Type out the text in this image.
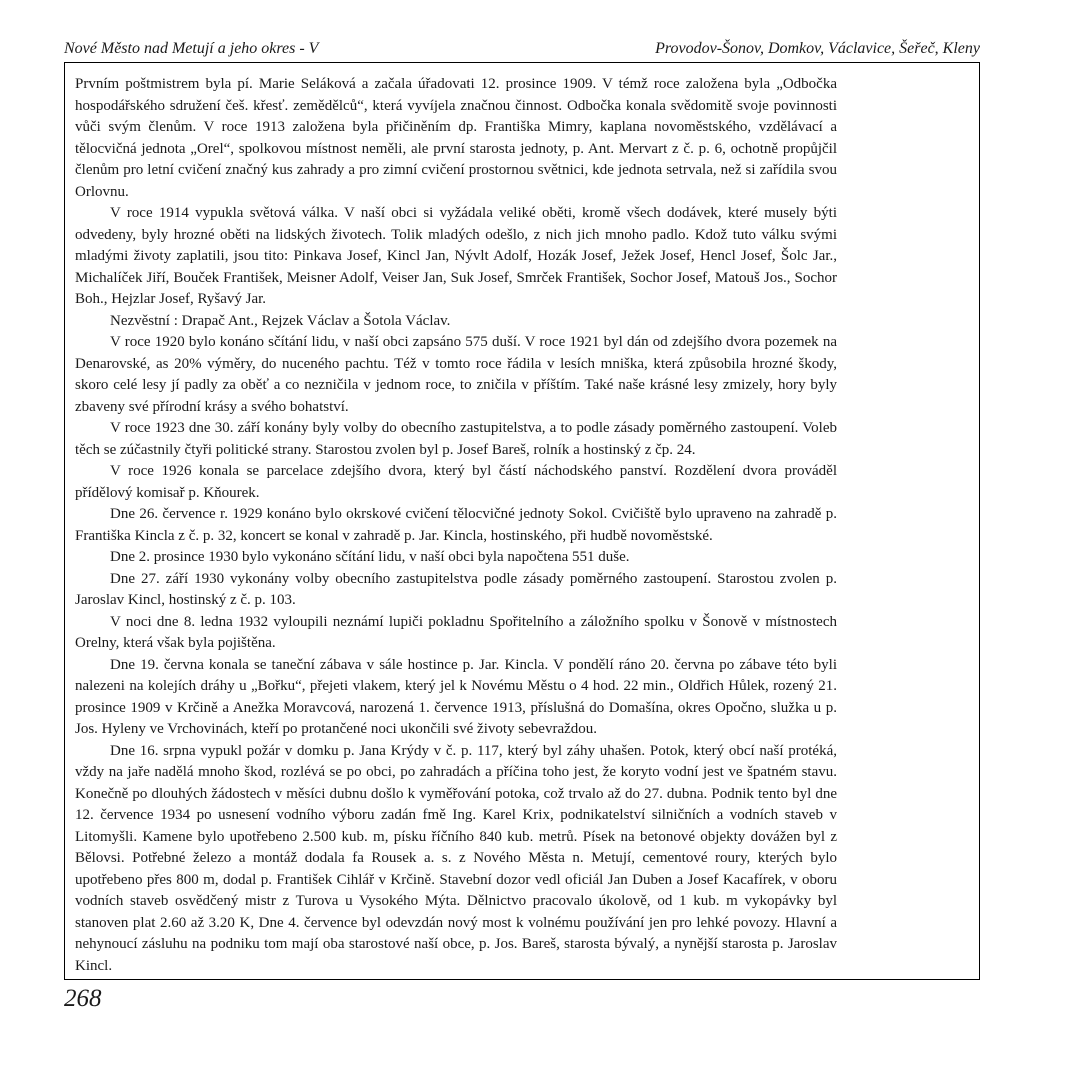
Nové Město nad Metují a jeho okres - V	Provodov-Šonov, Domkov, Václavice, Šeřeč, Kleny

Prvním poštmistrem byla pí. Marie Seláková a začala úřadovati 12. prosince 1909. V témž roce založena byla „Odbočka hospodářského sdružení češ. křesť. zemědělců“, která vyvíjela značnou činnost. Odbočka konala svědomitě svoje povinnosti vůči svým členům. V roce 1913 založena byla přičiněním dp. Františka Mimry, kaplana novoměstského, vzdělávací a tělocvičná jednota „Orel“, spolkovou místnost neměli, ale první starosta jednoty, p. Ant. Mervart z č. p. 6, ochotně propůjčil členům pro letní cvičení značný kus zahrady a pro zimní cvičení prostornou světnici, kde jednota setrvala, než si zařídila svou Orlovnu.

V roce 1914 vypukla světová válka. V naší obci si vyžádala veliké oběti, kromě všech dodávek, které musely býti odvedeny, byly hrozné oběti na lidských životech. Tolik mladých odešlo, z nich jich mnoho padlo. Kdož tuto válku svými mladými životy zaplatili, jsou tito: Pinkava Josef, Kincl Jan, Nývlt Adolf, Hozák Josef, Ježek Josef, Hencl Josef, Šolc Jar., Michalíček Jiří, Bouček František, Meisner Adolf, Veiser Jan, Suk Josef, Smrček František, Sochor Josef, Matouš Jos., Sochor Boh., Hejzlar Josef, Ryšavý Jar.

Nezvěstní : Drapač Ant., Rejzek Václav a Šotola Václav.

V roce 1920 bylo konáno sčítání lidu, v naší obci zapsáno 575 duší. V roce 1921 byl dán od zdejšího dvora pozemek na Denarovské, as 20% výměry, do nuceného pachtu. Též v tomto roce řádila v lesích mniška, která způsobila hrozné škody, skoro celé lesy jí padly za oběť a co nezničila v jednom roce, to zničila v příštím. Také naše krásné lesy zmizely, hory byly zbaveny své přírodní krásy a svého bohatství.

V roce 1923 dne 30. září konány byly volby do obecního zastupitelstva, a to podle zásady poměrného zastoupení. Voleb těch se zúčastnily čtyři politické strany. Starostou zvolen byl p. Josef Bareš, rolník a hostinský z čp. 24.

V roce 1926 konala se parcelace zdejšího dvora, který byl částí náchodského panství. Rozdělení dvora prováděl přídělový komisař p. Kňourek.

Dne 26. července r. 1929 konáno bylo okrskové cvičení tělocvičné jednoty Sokol. Cvičiště bylo upraveno na zahradě p. Františka Kincla z č. p. 32, koncert se konal v zahradě p. Jar. Kincla, hostinského, při hudbě novoměstské.

Dne 2. prosince 1930 bylo vykonáno sčítání lidu, v naší obci byla napočtena 551 duše.

Dne 27. září 1930 vykonány volby obecního zastupitelstva podle zásady poměrného zastoupení. Starostou zvolen p. Jaroslav Kincl, hostinský z č. p. 103.

V noci dne 8. ledna 1932 vyloupili neznámí lupiči pokladnu Spořitelního a záložního spolku v Šonově v místnostech Orelny, která však byla pojištěna.

Dne 19. června konala se taneční zábava v sále hostince p. Jar. Kincla. V pondělí ráno 20. června po zábave této byli nalezeni na kolejích dráhy u „Bořku“, přejeti vlakem, který jel k Novému Městu o 4 hod. 22 min., Oldřich Hůlek, rozený 21. prosince 1909 v Krčině a Anežka Moravcová, narozená 1. července 1913, příslušná do Domašína, okres Opočno, služka u p. Jos. Hyleny ve Vrchovinách, kteří po protančené noci ukončili své životy sebevraždou.

Dne 16. srpna vypukl požár v domku p. Jana Krýdy v č. p. 117, který byl záhy uhašen. Potok, který obcí naší protéká, vždy na jaře nadělá mnoho škod, rozlévá se po obci, po zahradách a příčina toho jest, že koryto vodní jest ve špatném stavu. Konečně po dlouhých žádostech v měsíci dubnu došlo k vyměřování potoka, což trvalo až do 27. dubna. Podnik tento byl dne 12. července 1934 po usnesení vodního výboru zadán fmě Ing. Karel Krix, podnikatelství silničních a vodních staveb v Litomyšli. Kamene bylo upotřebeno 2.500 kub. m, písku říčního 840 kub. metrů. Písek na betonové objekty dovážen byl z Bělovsi. Potřebné železo a montáž dodala fa Rousek a. s. z Nového Města n. Metují, cementové roury, kterých bylo upotřebeno přes 800 m, dodal p. František Cihlář v Krčině. Stavební dozor vedl oficiál Jan Duben a Josef Kacafírek, v oboru vodních staveb osvědčený mistr z Turova u Vysokého Mýta. Dělnictvo pracovalo úkolově, od 1 kub. m vykopávky byl stanoven plat 2.60 až 3.20 K, Dne 4. července byl odevzdán nový most k volnému používání jen pro lehké povozy. Hlavní a nehynoucí zásluhu na podniku tom mají oba starostové naší obce, p. Jos. Bareš, starosta bývalý, a nynější starosta p. Jaroslav Kincl.

268
